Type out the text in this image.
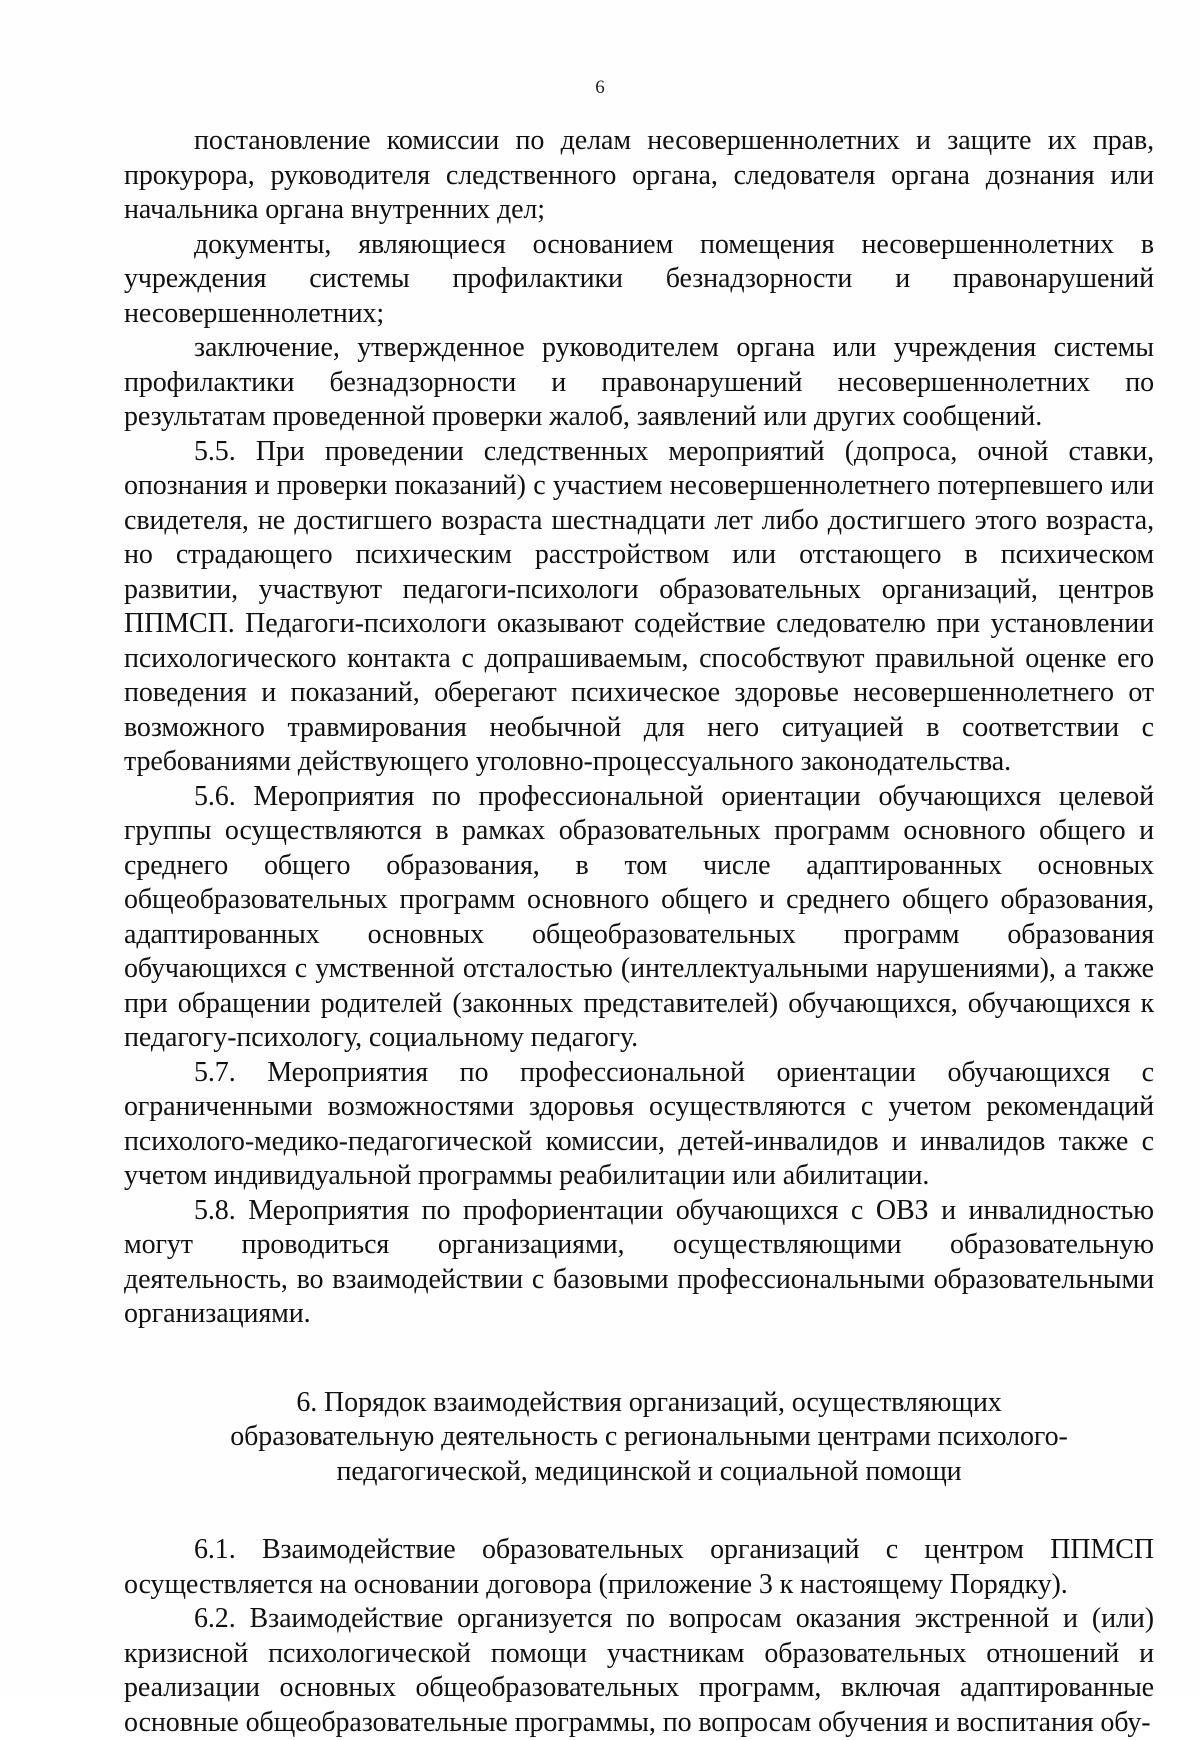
6

постановление комиссии по делам несовершеннолетних и защите их прав, прокурора, руководителя следственного органа, следователя органа дознания или начальника органа внутренних дел;

документы, являющиеся основанием помещения несовершеннолетних в учреждения системы профилактики безнадзорности и правонарушений несовершеннолетних;

заключение, утвержденное руководителем органа или учреждения системы профилактики безнадзорности и правонарушений несовершеннолетних по результатам проведенной проверки жалоб, заявлений или других сообщений.

5.5. При проведении следственных мероприятий (допроса, очной ставки, опознания и проверки показаний) с участием несовершеннолетнего потерпевшего или свидетеля, не достигшего возраста шестнадцати лет либо достигшего этого возраста, но страдающего психическим расстройством или отстающего в психическом развитии, участвуют педагоги-психологи образовательных организаций, центров ППМСП. Педагоги-психологи оказывают содействие следователю при установлении психологического контакта с допрашиваемым, способствуют правильной оценке его поведения и показаний, оберегают психическое здоровье несовершеннолетнего от возможного травмирования необычной для него ситуацией в соответствии с требованиями действующего уголовно-процессуального законодательства.

5.6. Мероприятия по профессиональной ориентации обучающихся целевой группы осуществляются в рамках образовательных программ основного общего и среднего общего образования, в том числе адаптированных основных общеобразовательных программ основного общего и среднего общего образования, адаптированных основных общеобразовательных программ образования обучающихся с умственной отсталостью (интеллектуальными нарушениями), а также при обращении родителей (законных представителей) обучающихся, обучающихся к педагогу-психологу, социальному педагогу.

5.7. Мероприятия по профессиональной ориентации обучающихся с ограниченными возможностями здоровья осуществляются с учетом рекомендаций психолого-медико-педагогической комиссии, детей-инвалидов и инвалидов также с учетом индивидуальной программы реабилитации или абилитации.

5.8. Мероприятия по профориентации обучающихся с ОВЗ и инвалидностью могут проводиться организациями, осуществляющими образовательную деятельность, во взаимодействии с базовыми профессиональными образовательными организациями.

6. Порядок взаимодействия организаций, осуществляющих образовательную деятельность с региональными центрами психолого-педагогической, медицинской и социальной помощи

6.1. Взаимодействие образовательных организаций с центром ППМСП осуществляется на основании договора (приложение 3 к настоящему Порядку).

6.2. Взаимодействие организуется по вопросам оказания экстренной и (или) кризисной психологической помощи участникам образовательных отношений и реализации основных общеобразовательных программ, включая адаптированные основные общеобразовательные программы, по вопросам обучения и воспитания обу-
